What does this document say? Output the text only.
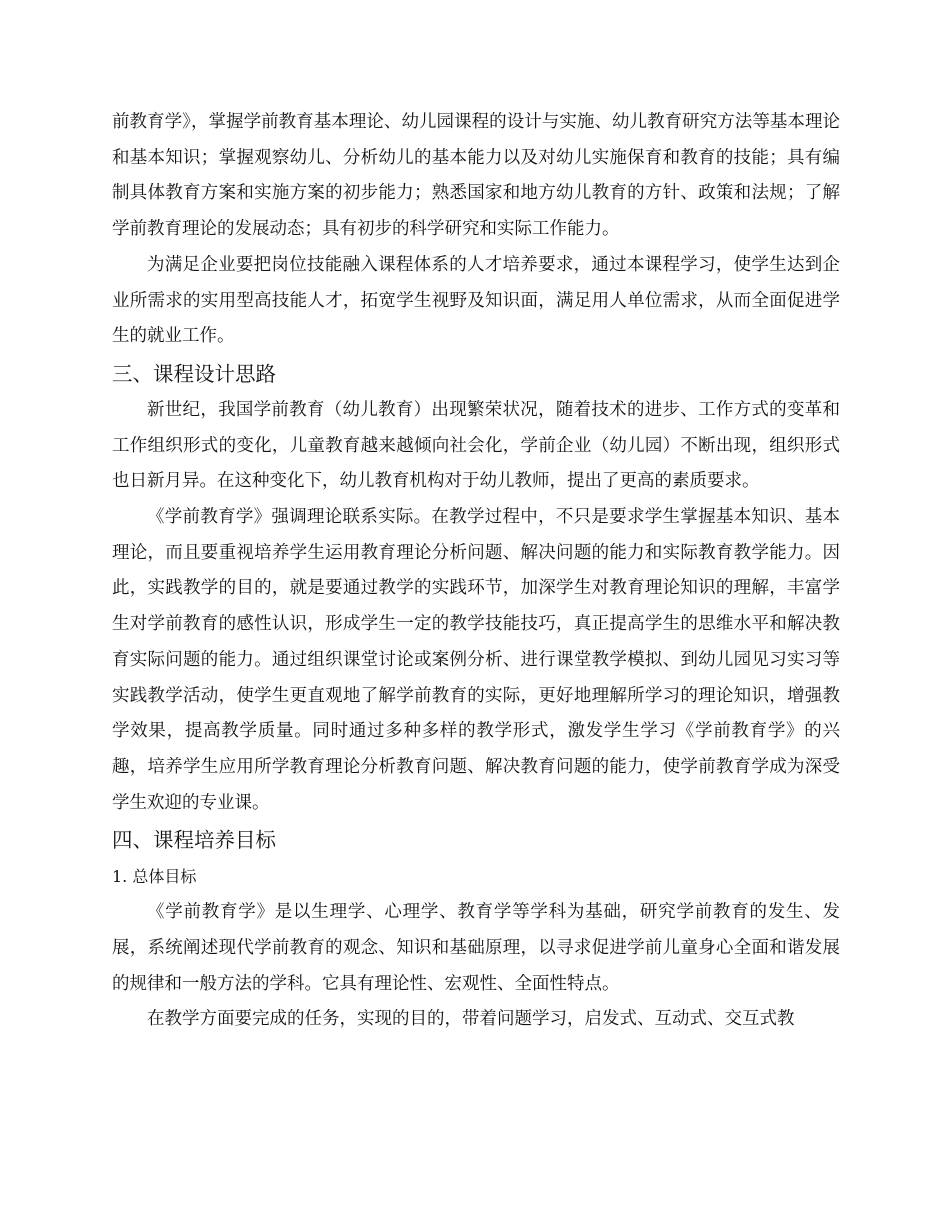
前教育学》，掌握学前教育基本理论、幼儿园课程的设计与实施、幼儿教育研究方法等基本理论和基本知识；掌握观察幼儿、分析幼儿的基本能力以及对幼儿实施保育和教育的技能；具有编制具体教育方案和实施方案的初步能力；熟悉国家和地方幼儿教育的方针、政策和法规；了解学前教育理论的发展动态；具有初步的科学研究和实际工作能力。

为满足企业要把岗位技能融入课程体系的人才培养要求，通过本课程学习，使学生达到企业所需求的实用型高技能人才，拓宽学生视野及知识面，满足用人单位需求，从而全面促进学生的就业工作。

三、课程设计思路

新世纪，我国学前教育（幼儿教育）出现繁荣状况，随着技术的进步、工作方式的变革和工作组织形式的变化，儿童教育越来越倾向社会化，学前企业（幼儿园）不断出现，组织形式也日新月异。在这种变化下，幼儿教育机构对于幼儿教师，提出了更高的素质要求。

《学前教育学》强调理论联系实际。在教学过程中，不只是要求学生掌握基本知识、基本理论，而且要重视培养学生运用教育理论分析问题、解决问题的能力和实际教育教学能力。因此，实践教学的目的，就是要通过教学的实践环节，加深学生对教育理论知识的理解，丰富学生对学前教育的感性认识，形成学生一定的教学技能技巧，真正提高学生的思维水平和解决教育实际问题的能力。通过组织课堂讨论或案例分析、进行课堂教学模拟、到幼儿园见习实习等实践教学活动，使学生更直观地了解学前教育的实际，更好地理解所学习的理论知识，增强教学效果，提高教学质量。同时通过多种多样的教学形式，激发学生学习《学前教育学》的兴趣，培养学生应用所学教育理论分析教育问题、解决教育问题的能力，使学前教育学成为深受学生欢迎的专业课。

四、课程培养目标
1. 总体目标

《学前教育学》是以生理学、心理学、教育学等学科为基础，研究学前教育的发生、发展，系统阐述现代学前教育的观念、知识和基础原理，以寻求促进学前儿童身心全面和谐发展的规律和一般方法的学科。它具有理论性、宏观性、全面性特点。

在教学方面要完成的任务，实现的目的，带着问题学习，启发式、互动式、交互式教
